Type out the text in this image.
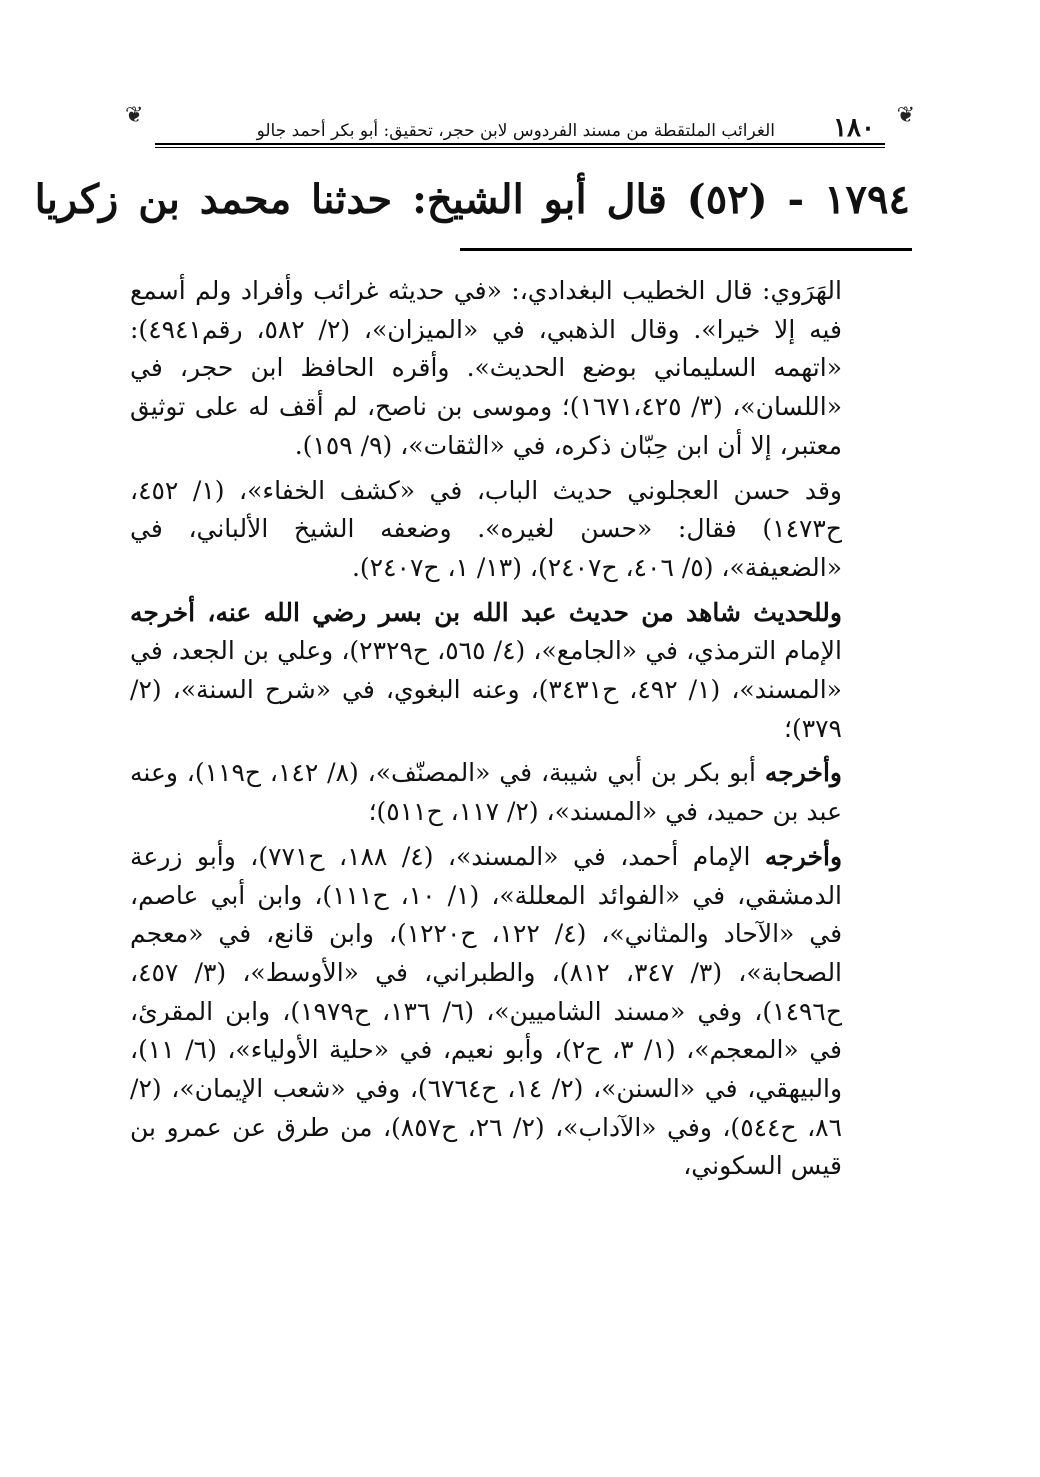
❦
١٨٠
الغرائب الملتقطة من مسند الفردوس لابن حجر، تحقيق: أبو بكر أحمد جالو
❦
١٧٩٤ - (٥٢) قال أبو الشيخ: حدثنا محمد بن زكريا

الهَرَوي: قال الخطيب البغدادي،: «في حديثه غرائب وأفراد ولم أسمع فيه إلا خيرا». وقال الذهبي، في «الميزان»، (٢/ ٥٨٢، رقم٤٩٤١): «اتهمه السليماني بوضع الحديث». وأقره الحافظ ابن حجر، في «اللسان»، (٣/ ١٦٧١،٤٢٥)؛ وموسى بن ناصح، لم أقف له على توثيق معتبر، إلا أن ابن حِبّان ذكره، في «الثقات»، (٩/ ١٥٩).

وقد حسن العجلوني حديث الباب، في «كشف الخفاء»، (١/ ٤٥٢، ح١٤٧٣) فقال: «حسن لغيره». وضعفه الشيخ الألباني، في «الضعيفة»، (٥/ ٤٠٦، ح٢٤٠٧)، (١٣/ ١، ح٢٤٠٧).

وللحديث شاهد من حديث عبد الله بن بسر رضي الله عنه، أخرجه الإمام الترمذي، في «الجامع»، (٤/ ٥٦٥، ح٢٣٢٩)، وعلي بن الجعد، في «المسند»، (١/ ٤٩٢، ح٣٤٣١)، وعنه البغوي، في «شرح السنة»، (٢/ ٣٧٩)؛

وأخرجه أبو بكر بن أبي شيبة، في «المصنّف»، (٨/ ١٤٢، ح١١٩)، وعنه عبد بن حميد، في «المسند»، (٢/ ١١٧، ح٥١١)؛

وأخرجه الإمام أحمد، في «المسند»، (٤/ ١٨٨، ح٧٧١)، وأبو زرعة الدمشقي، في «الفوائد المعللة»، (١/ ١٠، ح١١١)، وابن أبي عاصم، في «الآحاد والمثاني»، (٤/ ١٢٢، ح١٢٢٠)، وابن قانع، في «معجم الصحابة»، (٣/ ٣٤٧، ٨١٢)، والطبراني، في «الأوسط»، (٣/ ٤٥٧، ح١٤٩٦)، وفي «مسند الشاميين»، (٦/ ١٣٦، ح١٩٧٩)، وابن المقرئ، في «المعجم»، (١/ ٣، ح٢)، وأبو نعيم، في «حلية الأولياء»، (٦/ ١١)، والبيهقي، في «السنن»، (٢/ ١٤، ح٦٧٦٤)، وفي «شعب الإيمان»، (٢/ ٨٦، ح٥٤٤)، وفي «الآداب»، (٢/ ٢٦، ح٨٥٧)، من طرق عن عمرو بن قيس السكوني،
